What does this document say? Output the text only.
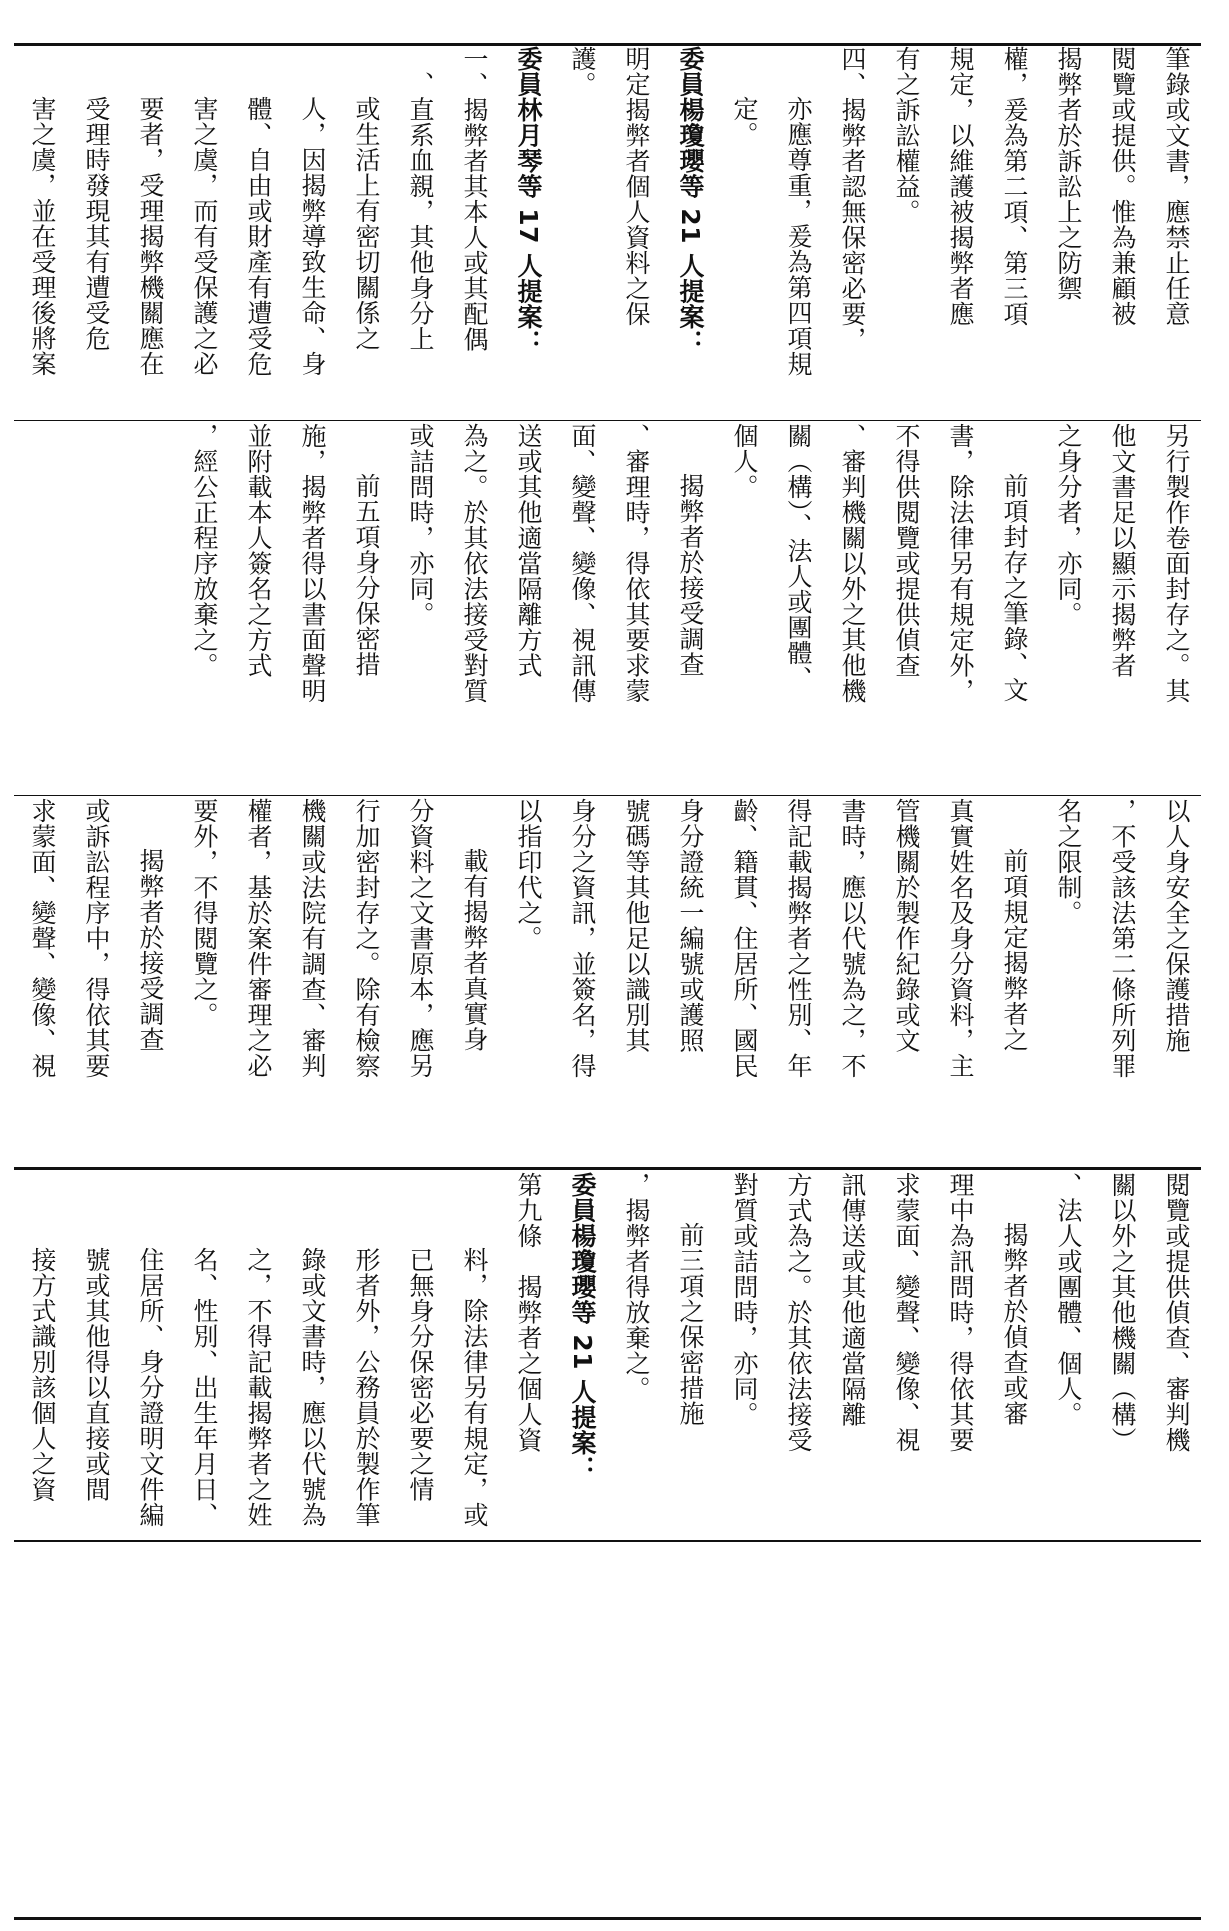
筆錄或文書，應禁止任意
閱覽或提供。惟為兼顧被
揭弊者於訴訟上之防禦
權，爰為第二項、第三項
規定，以維護被揭弊者應
有之訴訟權益。
四、揭弊者認無保密必要，
亦應尊重，爰為第四項規
定。
委員楊瓊瓔等 21 人提案：
明定揭弊者個人資料之保
護。
委員林月琴等 17 人提案：
一、揭弊者其本人或其配偶
、直系血親，其他身分上
或生活上有密切關係之
人，因揭弊導致生命、身
體、自由或財產有遭受危
害之虞，而有受保護之必
要者，受理揭弊機關應在
受理時發現其有遭受危
害之虞，並在受理後將案
另行製作卷面封存之。其
他文書足以顯示揭弊者
之身分者，亦同。
前項封存之筆錄、文
書，除法律另有規定外，
不得供閱覽或提供偵查
、審判機關以外之其他機
關（構）、法人或團體、
個人。
揭弊者於接受調查
、審理時，得依其要求蒙
面、變聲、變像、視訊傳
送或其他適當隔離方式
為之。於其依法接受對質
或詰問時，亦同。
前五項身分保密措
施，揭弊者得以書面聲明
並附載本人簽名之方式
，經公正程序放棄之。
以人身安全之保護措施
，不受該法第二條所列罪
名之限制。
前項規定揭弊者之
真實姓名及身分資料，主
管機關於製作紀錄或文
書時，應以代號為之，不
得記載揭弊者之性別、年
齡、籍貫、住居所、國民
身分證統一編號或護照
號碼等其他足以識別其
身分之資訊，並簽名，得
以指印代之。
載有揭弊者真實身
分資料之文書原本，應另
行加密封存之。除有檢察
機關或法院有調查、審判
權者，基於案件審理之必
要外，不得閱覽之。
揭弊者於接受調查
或訴訟程序中，得依其要
求蒙面、變聲、變像、視
閱覽或提供偵查、審判機
關以外之其他機關（構）
、法人或團體、個人。
揭弊者於偵查或審
理中為訊問時，得依其要
求蒙面、變聲、變像、視
訊傳送或其他適當隔離
方式為之。於其依法接受
對質或詰問時，亦同。
前三項之保密措施
，揭弊者得放棄之。
委員楊瓊瓔等 21 人提案：
第九條　揭弊者之個人資
料，除法律另有規定，或
已無身分保密必要之情
形者外，公務員於製作筆
錄或文書時，應以代號為
之，不得記載揭弊者之姓
名、性別、出生年月日、
住居所、身分證明文件編
號或其他得以直接或間
接方式識別該個人之資
